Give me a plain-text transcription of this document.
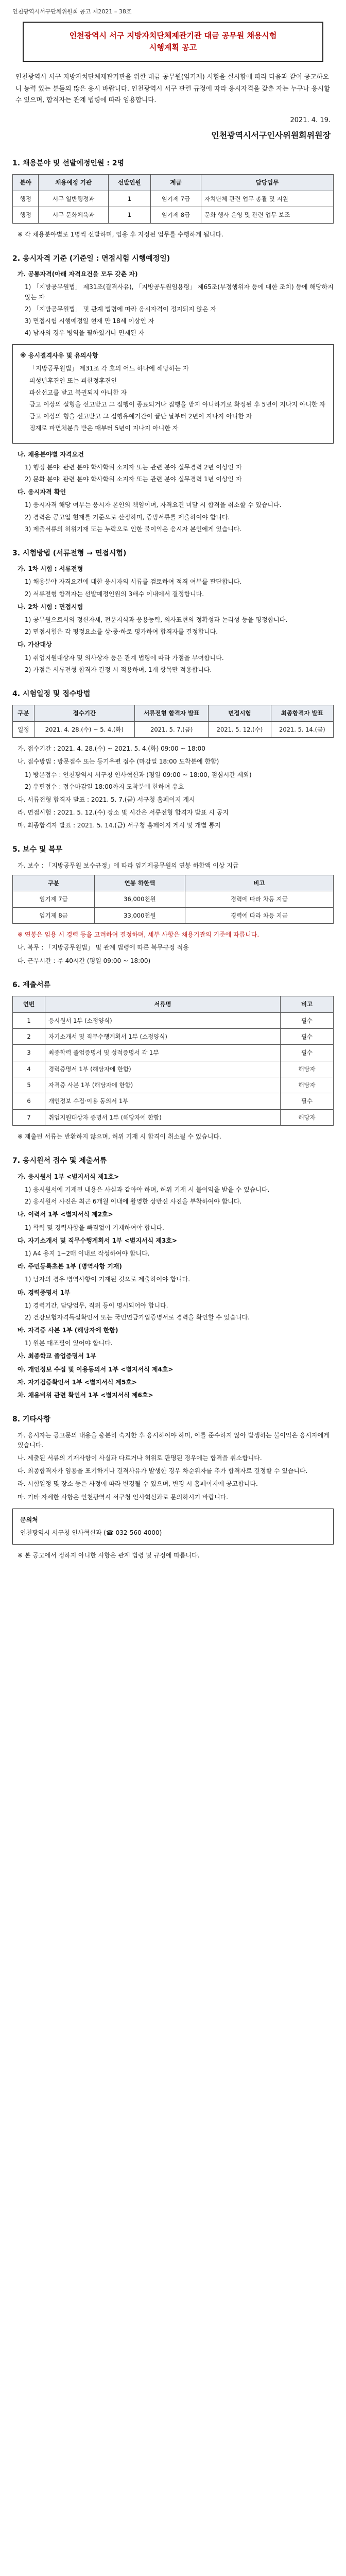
인천광역시서구단체위원회 공고 제2021 – 38호
인천광역시 서구 지방자치단체제관기관 대금 공무원 채용시험
시행계획 공고
인천광역시 서구 지방자치단체제관기관을 위한 대금 공무원(임기제) 시험을 실시함에 따라 다음과 같이 공고하오니 능력 있는 분들의 많은 응시 바랍니다. 인천광역시 서구 관련 규정에 따라 응시자격을 갖춘 자는 누구나 응시할 수 있으며, 합격자는 관계 법령에 따라 임용합니다.
2021. 4. 19.
인천광역시서구인사위원회위원장
1. 채용분야 및 선발예정인원 : 2명
분야	채용예정 기관	선발인원	계급	담당업무
행정	서구 일반행정과	1	임기제 7급	자치단체 관련 업무 총괄 및 지원
행정	서구 문화체육과	1	임기제 8급	문화 행사 운영 및 관련 업무 보조

※ 각 채용분야별로 1명씩 선발하며, 임용 후 지정된 업무를 수행하게 됩니다.

2. 응시자격 기준 (기준일 : 면접시험 시행예정일)

가. 공통자격(아래 자격요건을 모두 갖춘 자)

1) 「지방공무원법」 제31조(결격사유), 「지방공무원임용령」 제65조(부정행위자 등에 대한 조치) 등에 해당하지 않는 자

2) 「지방공무원법」 및 관계 법령에 따라 응시자격이 정지되지 않은 자

3) 면접시험 시행예정일 현재 만 18세 이상인 자

4) 남자의 경우 병역을 필하였거나 면제된 자

※ 응시결격사유 및 유의사항
「지방공무원법」 제31조 각 호의 어느 하나에 해당하는 자
피성년후견인 또는 피한정후견인
파산선고를 받고 복권되지 아니한 자
금고 이상의 실형을 선고받고 그 집행이 종료되거나 집행을 받지 아니하기로 확정된 후 5년이 지나지 아니한 자
금고 이상의 형을 선고받고 그 집행유예기간이 끝난 날부터 2년이 지나지 아니한 자
징계로 파면처분을 받은 때부터 5년이 지나지 아니한 자

나. 채용분야별 자격요건

1) 행정 분야: 관련 분야 학사학위 소지자 또는 관련 분야 실무경력 2년 이상인 자

2) 문화 분야: 관련 분야 학사학위 소지자 또는 관련 분야 실무경력 1년 이상인 자

다. 응시자격 확인

1) 응시자격 해당 여부는 응시자 본인의 책임이며, 자격요건 미달 시 합격을 취소할 수 있습니다.

2) 경력은 공고일 현재를 기준으로 산정하며, 증빙서류를 제출하여야 합니다.

3) 제출서류의 허위기재 또는 누락으로 인한 불이익은 응시자 본인에게 있습니다.

3. 시험방법 (서류전형 → 면접시험)

가. 1차 시험 : 서류전형

1) 채용분야 자격요건에 대한 응시자의 서류를 검토하여 적격 여부를 판단합니다.

2) 서류전형 합격자는 선발예정인원의 3배수 이내에서 결정합니다.

나. 2차 시험 : 면접시험

1) 공무원으로서의 정신자세, 전문지식과 응용능력, 의사표현의 정확성과 논리성 등을 평정합니다.

2) 면접시험은 각 평정요소를 상·중·하로 평가하여 합격자를 결정합니다.

다. 가산대상

1) 취업지원대상자 및 의사상자 등은 관계 법령에 따라 가점을 부여합니다.

2) 가점은 서류전형 합격자 결정 시 적용하며, 1개 항목만 적용합니다.

4. 시험일정 및 접수방법
구분	접수기간	서류전형 합격자 발표	면접시험	최종합격자 발표
일정	2021. 4. 28.(수) ~ 5. 4.(화)	2021. 5. 7.(금)	2021. 5. 12.(수)	2021. 5. 14.(금)

가. 접수기간 : 2021. 4. 28.(수) ~ 2021. 5. 4.(화) 09:00 ~ 18:00

나. 접수방법 : 방문접수 또는 등기우편 접수 (마감일 18:00 도착분에 한함)

1) 방문접수 : 인천광역시 서구청 인사혁신과 (평일 09:00 ~ 18:00, 점심시간 제외)

2) 우편접수 : 접수마감일 18:00까지 도착분에 한하여 유효

다. 서류전형 합격자 발표 : 2021. 5. 7.(금) 서구청 홈페이지 게시

라. 면접시험 : 2021. 5. 12.(수) 장소 및 시간은 서류전형 합격자 발표 시 공지

마. 최종합격자 발표 : 2021. 5. 14.(금) 서구청 홈페이지 게시 및 개별 통지

5. 보수 및 복무

가. 보수 : 「지방공무원 보수규정」에 따라 임기제공무원의 연봉 하한액 이상 지급

구분	연봉 하한액	비고
임기제 7급	36,000천원	경력에 따라 차등 지급
임기제 8급	33,000천원	경력에 따라 차등 지급

※ 연봉은 임용 시 경력 등을 고려하여 결정하며, 세부 사항은 채용기관의 기준에 따릅니다.

나. 복무 : 「지방공무원법」 및 관계 법령에 따른 복무규정 적용

다. 근무시간 : 주 40시간 (평일 09:00 ~ 18:00)

6. 제출서류
연번	서류명	비고
1	응시원서 1부 (소정양식)	필수
2	자기소개서 및 직무수행계획서 1부 (소정양식)	필수
3	최종학력 졸업증명서 및 성적증명서 각 1부	필수
4	경력증명서 1부 (해당자에 한함)	해당자
5	자격증 사본 1부 (해당자에 한함)	해당자
6	개인정보 수집·이용 동의서 1부	필수
7	취업지원대상자 증명서 1부 (해당자에 한함)	해당자

※ 제출된 서류는 반환하지 않으며, 허위 기재 시 합격이 취소될 수 있습니다.

7. 응시원서 접수 및 제출서류

가. 응시원서 1부 <별지서식 제1호>

1) 응시원서에 기재된 내용은 사실과 같아야 하며, 허위 기재 시 불이익을 받을 수 있습니다.

2) 응시원서 사진은 최근 6개월 이내에 촬영한 상반신 사진을 부착하여야 합니다.

나. 이력서 1부 <별지서식 제2호>

1) 학력 및 경력사항을 빠짐없이 기재하여야 합니다.

다. 자기소개서 및 직무수행계획서 1부 <별지서식 제3호>

1) A4 용지 1~2매 이내로 작성하여야 합니다.

라. 주민등록초본 1부 (병역사항 기재)

1) 남자의 경우 병역사항이 기재된 것으로 제출하여야 합니다.

마. 경력증명서 1부

1) 경력기간, 담당업무, 직위 등이 명시되어야 합니다.

2) 건강보험자격득실확인서 또는 국민연금가입증명서로 경력을 확인할 수 있습니다.

바. 자격증 사본 1부 (해당자에 한함)

1) 원본 대조필이 있어야 합니다.

사. 최종학교 졸업증명서 1부

아. 개인정보 수집 및 이용동의서 1부 <별지서식 제4호>

자. 자기검증확인서 1부 <별지서식 제5호>

차. 채용비위 관련 확인서 1부 <별지서식 제6호>

8. 기타사항

가. 응시자는 공고문의 내용을 충분히 숙지한 후 응시하여야 하며, 이를 준수하지 않아 발생하는 불이익은 응시자에게 있습니다.

나. 제출된 서류의 기재사항이 사실과 다르거나 허위로 판명된 경우에는 합격을 취소합니다.

다. 최종합격자가 임용을 포기하거나 결격사유가 발생한 경우 차순위자를 추가 합격자로 결정할 수 있습니다.

라. 시험일정 및 장소 등은 사정에 따라 변경될 수 있으며, 변경 시 홈페이지에 공고합니다.

마. 기타 자세한 사항은 인천광역시 서구청 인사혁신과로 문의하시기 바랍니다.

문의처
인천광역시 서구청 인사혁신과 (☎ 032-560-4000)

※ 본 공고에서 정하지 아니한 사항은 관계 법령 및 규정에 따릅니다.
